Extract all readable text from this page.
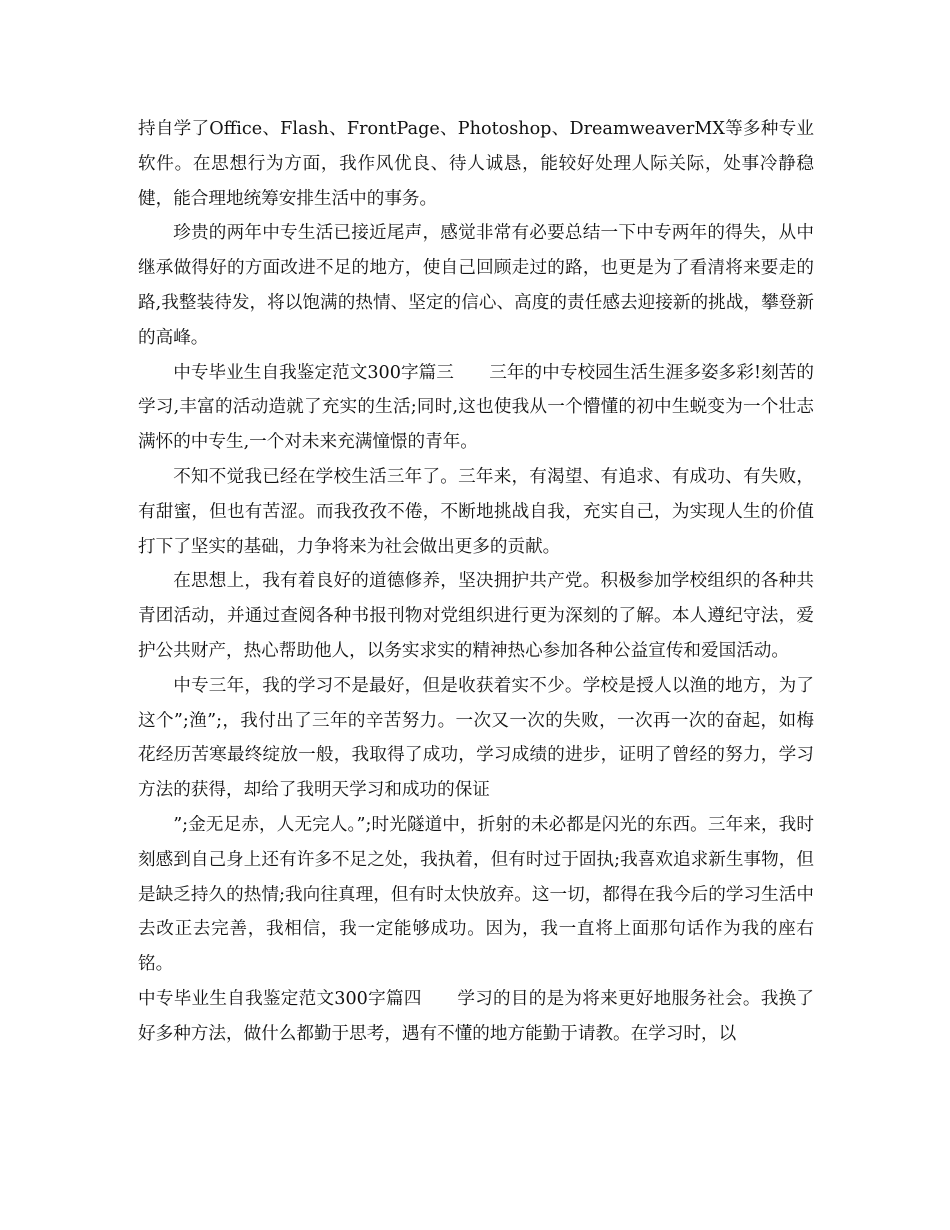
持自学了Office、Flash、FrontPage、Photoshop、DreamweaverMX等多种专业软件。在思想行为方面，我作风优良、待人诚恳，能较好处理人际关际，处事冷静稳健，能合理地统筹安排生活中的事务。

珍贵的两年中专生活已接近尾声，感觉非常有必要总结一下中专两年的得失，从中继承做得好的方面改进不足的地方，使自己回顾走过的路，也更是为了看清将来要走的路,我整装待发，将以饱满的热情、坚定的信心、高度的责任感去迎接新的挑战，攀登新的高峰。

中专毕业生自我鉴定范文300字篇三　　三年的中专校园生活生涯多姿多彩!刻苦的学习,丰富的活动造就了充实的生活;同时,这也使我从一个懵懂的初中生蜕变为一个壮志满怀的中专生,一个对未来充满憧憬的青年。

不知不觉我已经在学校生活三年了。三年来，有渴望、有追求、有成功、有失败，有甜蜜，但也有苦涩。而我孜孜不倦，不断地挑战自我，充实自己，为实现人生的价值打下了坚实的基础，力争将来为社会做出更多的贡献。

在思想上，我有着良好的道德修养，坚决拥护共产党。积极参加学校组织的各种共青团活动，并通过查阅各种书报刊物对党组织进行更为深刻的了解。本人遵纪守法，爱护公共财产，热心帮助他人，以务实求实的精神热心参加各种公益宣传和爱国活动。

中专三年，我的学习不是最好，但是收获着实不少。学校是授人以渔的地方，为了这个”;渔”;，我付出了三年的辛苦努力。一次又一次的失败，一次再一次的奋起，如梅花经历苦寒最终绽放一般，我取得了成功，学习成绩的进步，证明了曾经的努力，学习方法的获得，却给了我明天学习和成功的保证

”;金无足赤，人无完人。”;时光隧道中，折射的未必都是闪光的东西。三年来，我时刻感到自己身上还有许多不足之处，我执着，但有时过于固执;我喜欢追求新生事物，但是缺乏持久的热情;我向往真理，但有时太快放弃。这一切，都得在我今后的学习生活中去改正去完善，我相信，我一定能够成功。因为，我一直将上面那句话作为我的座右铭。

中专毕业生自我鉴定范文300字篇四　　学习的目的是为将来更好地服务社会。我换了好多种方法，做什么都勤于思考，遇有不懂的地方能勤于请教。在学习时，以
